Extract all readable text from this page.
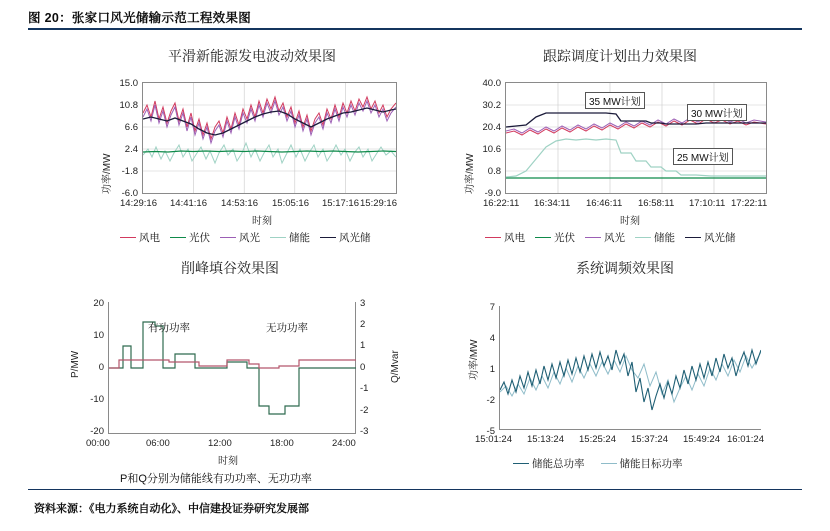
图 20：张家口风光储输示范工程效果图
平滑新能源发电波动效果图
功率/MW
15.0
10.8
6.6
2.4
-1.8
-6.0
14:29:16 14:41:16 14:53:16 15:05:16 15:17:16 15:29:16
时刻
风电	光伏	风光	储能	风光储
跟踪调度计划出力效果图
功率/MW
40.0
30.2
20.4
10.6
0.8
-9.0
35 MW计划
30 MW计划
25 MW计划
16:22:11 16:34:11 16:46:11 16:58:11 17:10:11 17:22:11
时刻
风电	光伏	风光	储能	风光储
削峰填谷效果图
P/MW	Q/Mvar
20
10
0
-10
-20
3
2
1
0
-1
-2
-3
有功功率	无功功率
00:00	06:00	12:00	18:00	24:00
时刻
P和Q分别为储能线有功功率、无功功率
系统调频效果图
功率/MW
7
4
1
-2
-5
15:01:24 15:13:24 15:25:24 15:37:24 15:49:24 16:01:24
储能总功率	储能目标功率
资料来源：《电力系统自动化》、中信建投证券研究发展部
